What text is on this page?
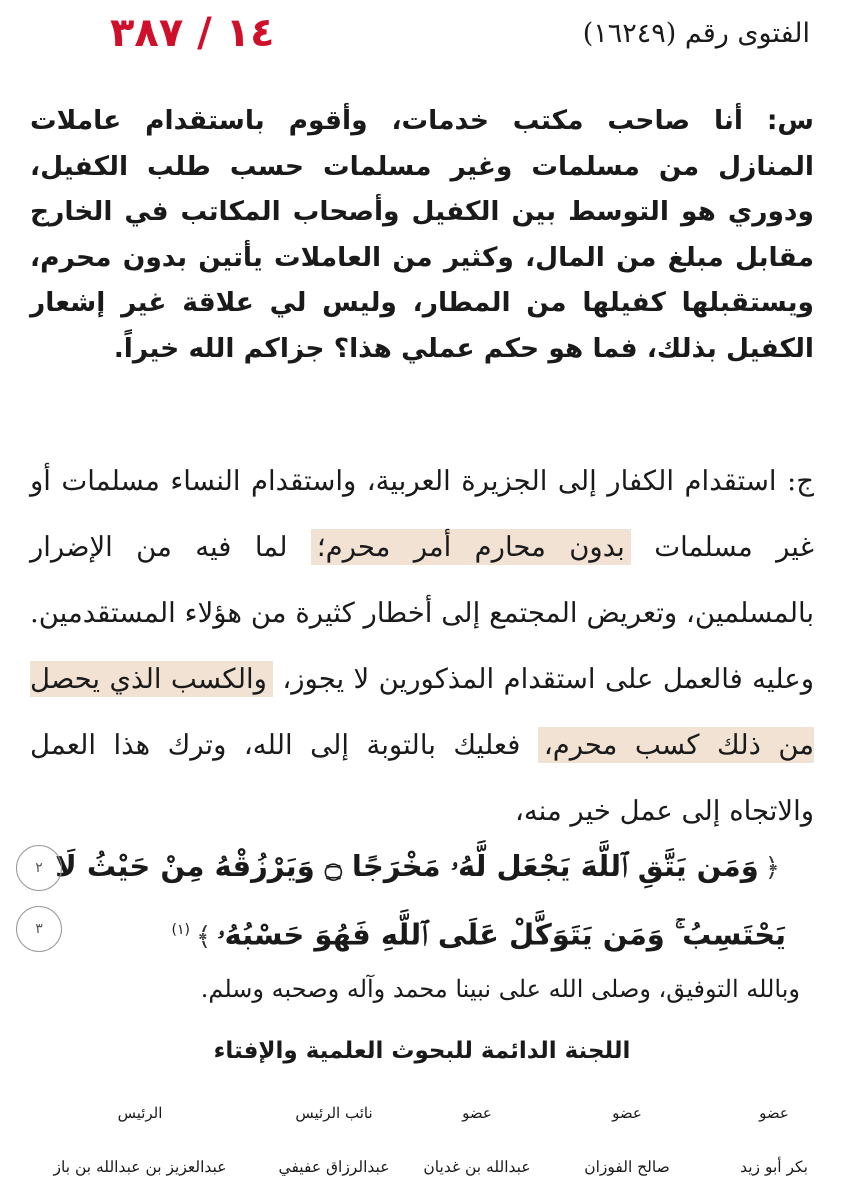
الفتوى رقم (١٦٢٤٩)
١٤ / ٣٨٧
س: أنا صاحب مكتب خدمات، وأقوم باستقدام عاملات المنازل من مسلمات وغير مسلمات حسب طلب الكفيل، ودوري هو التوسط بين الكفيل وأصحاب المكاتب في الخارج مقابل مبلغ من المال، وكثير من العاملات يأتين بدون محرم، ويستقبلها كفيلها من المطار، وليس لي علاقة غير إشعار الكفيل بذلك، فما هو حكم عملي هذا؟ جزاكم الله خيراً.
ج: استقدام الكفار إلى الجزيرة العربية، واستقدام النساء مسلمات أو غير مسلمات بدون محارم أمر محرم؛ لما فيه من الإضرار بالمسلمين، وتعريض المجتمع إلى أخطار كثيرة من هؤلاء المستقدمين. وعليه فالعمل على استقدام المذكورين لا يجوز، والكسب الذي يحصل من ذلك كسب محرم، فعليك بالتوبة إلى الله، وترك هذا العمل والاتجاه إلى عمل خير منه،
﴿وَمَن يَتَّقِ ٱللَّهَ يَجْعَل لَّهُۥ مَخْرَجًا ۝ وَيَرْزُقْهُ مِنْ حَيْثُ لَا يَحْتَسِبُ ۚ وَمَن يَتَوَكَّلْ عَلَى ٱللَّهِ فَهُوَ حَسْبُهُۥ﴾$^{(١)}$
٢
٣
وبالله التوفيق، وصلى الله على نبينا محمد وآله وصحبه وسلم.
اللجنة الدائمة للبحوث العلمية والإفتاء
عضو
عضو
عضو
نائب الرئيس
الرئيس
بكر أبو زيد
صالح الفوزان
عبدالله بن غديان
عبدالرزاق عفيفي
عبدالعزيز بن عبدالله بن باز
